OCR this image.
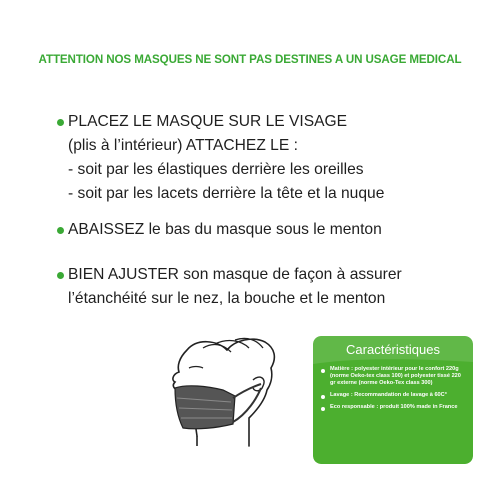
ATTENTION NOS MASQUES NE SONT PAS DESTINES A UN USAGE MEDICAL
PLACEZ LE MASQUE SUR LE VISAGE
(plis à l’intérieur) ATTACHEZ LE :
- soit par les élastiques derrière les oreilles
- soit par les lacets derrière la tête et la nuque
ABAISSEZ le bas du masque sous le menton
BIEN AJUSTER son masque de façon à assurer
l’étanchéité sur le nez, la bouche et le menton
Caractéristiques
Matière : polyester intérieur pour le confort 220g (norme Oeko-tex class 100) et polyester tissé 220 gr externe (norme Oeko-Tex class 300)
Lavage : Recommandation de lavage à 60C°
Eco responsable : produit 100% made in France
